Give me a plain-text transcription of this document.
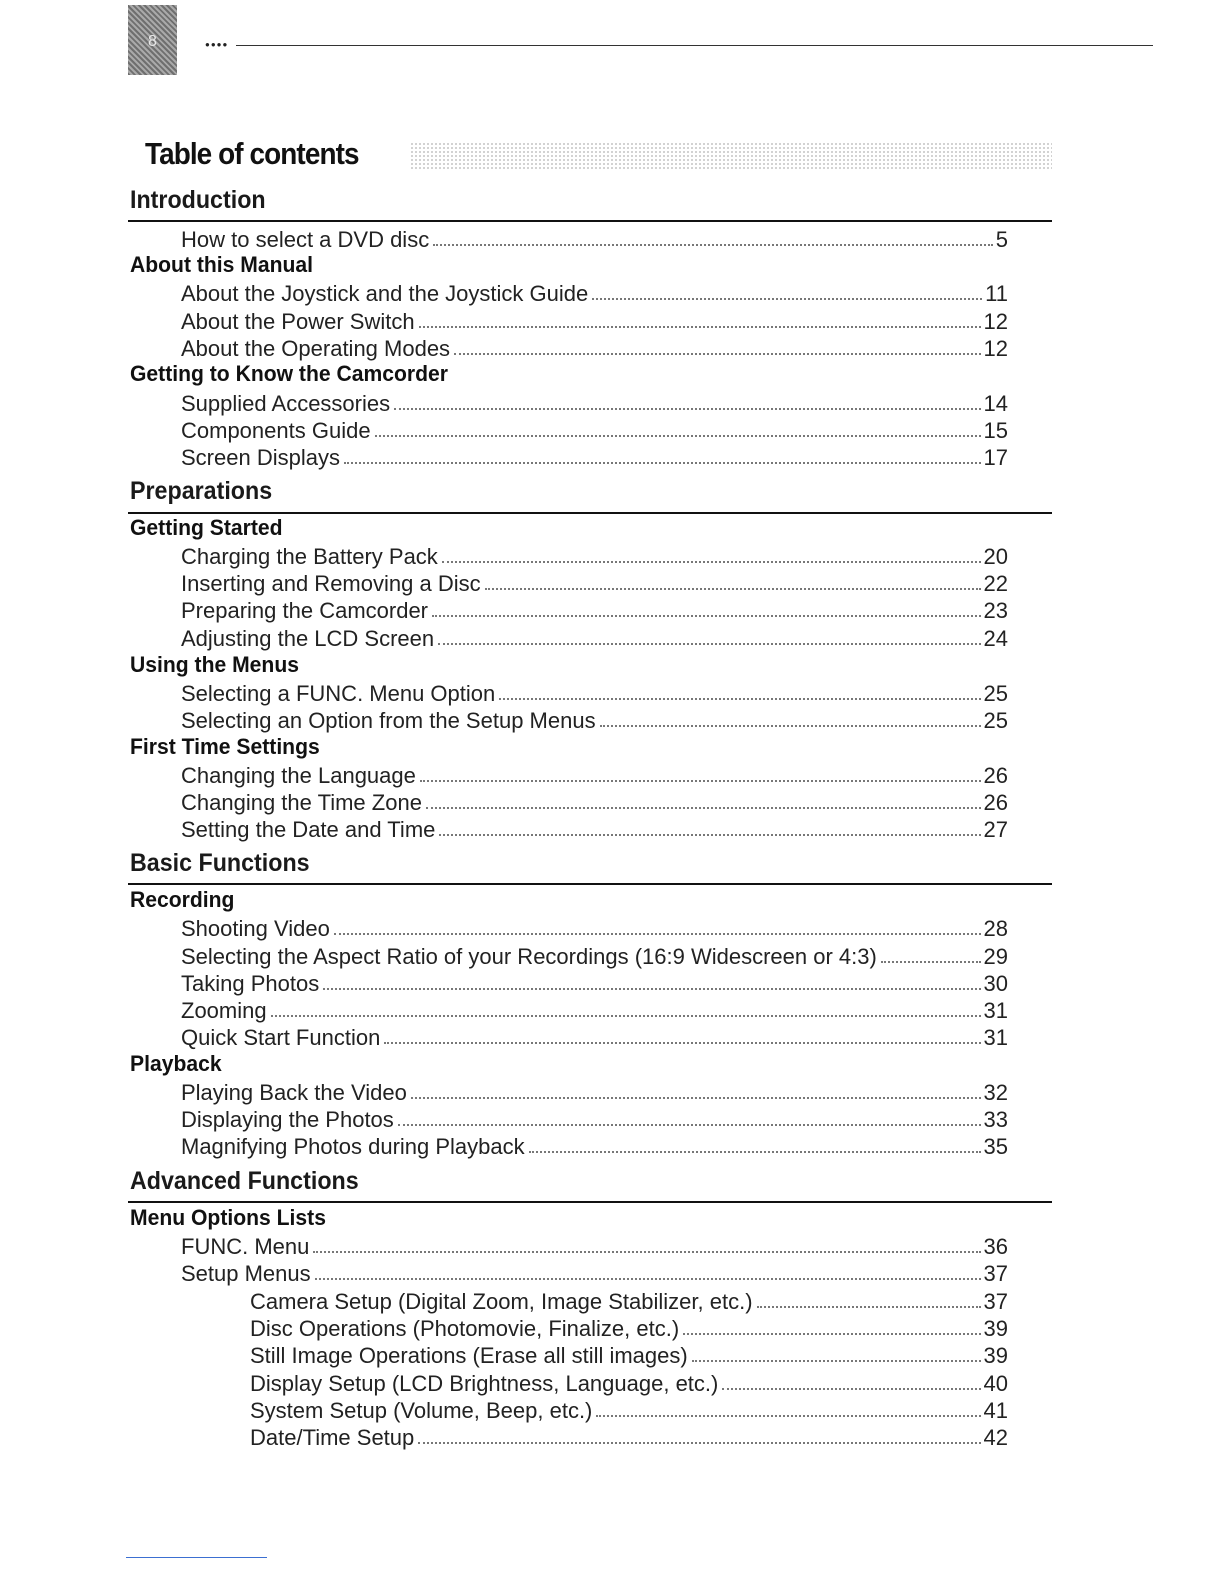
8	●●●●
Table of contents
Introduction
How to select a DVD disc	5
About this Manual
About the Joystick and the Joystick Guide	11
About the Power Switch	12
About the Operating Modes	12
Getting to Know the Camcorder
Supplied Accessories	14
Components Guide	15
Screen Displays	17
Preparations
Getting Started
Charging the Battery Pack	20
Inserting and Removing a Disc	22
Preparing the Camcorder	23
Adjusting the LCD Screen	24
Using the Menus
Selecting a FUNC. Menu Option	25
Selecting an Option from the Setup Menus	25
First Time Settings
Changing the Language	26
Changing the Time Zone	26
Setting the Date and Time	27
Basic Functions
Recording
Shooting Video	28
Selecting the Aspect Ratio of your Recordings (16:9 Widescreen or 4:3)	29
Taking Photos	30
Zooming	31
Quick Start Function	31
Playback
Playing Back the Video	32
Displaying the Photos	33
Magnifying Photos during Playback	35
Advanced Functions
Menu Options Lists
FUNC. Menu	36
Setup Menus	37
Camera Setup (Digital Zoom, Image Stabilizer, etc.)	37
Disc Operations (Photomovie, Finalize, etc.)	39
Still Image Operations (Erase all still images)	39
Display Setup (LCD Brightness, Language, etc.)	40
System Setup (Volume, Beep, etc.)	41
Date/Time Setup	42
